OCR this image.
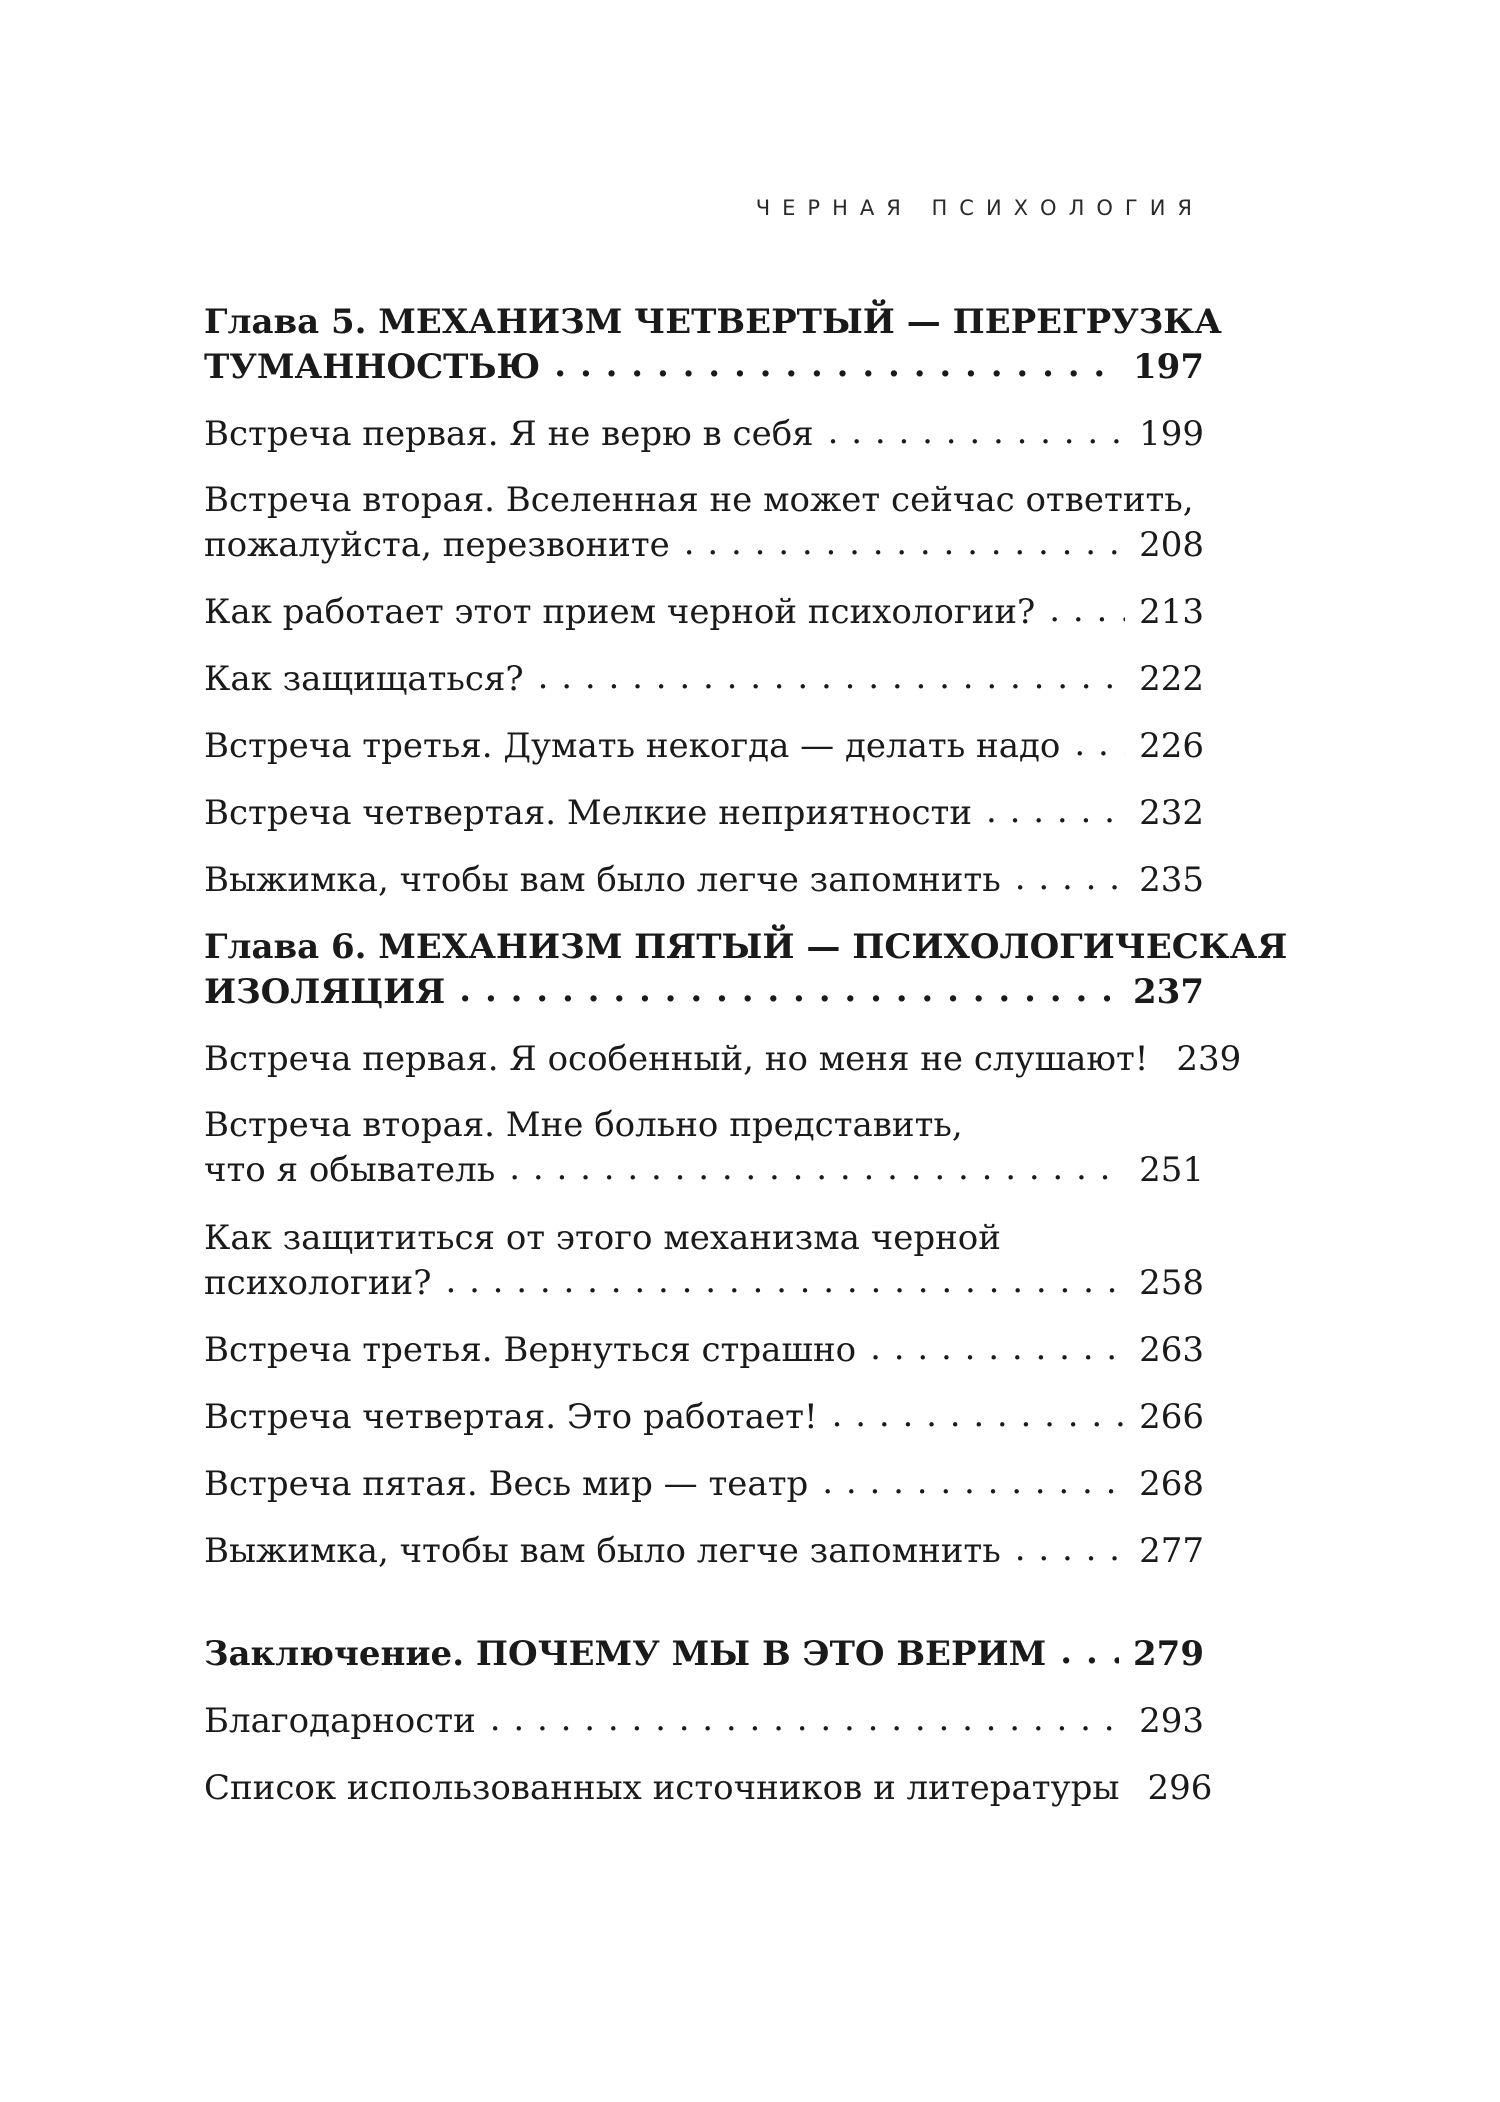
ЧЕРНАЯ ПСИХОЛОГИЯ
Глава 5. МЕХАНИЗМ ЧЕТВЕРТЫЙ — ПЕРЕГРУЗКА
ТУМАННОСТЬЮ . . .	197
Встреча первая. Я не верю в себя . . .	199
Встреча вторая. Вселенная не может сейчас ответить,
пожалуйста, перезвоните . . .	208
Как работает этот прием черной психологии? . . .	213
Как защищаться? . . .	222
Встреча третья. Думать некогда — делать надо . . . 226
Встреча четвертая. Мелкие неприятности . . .	232
Выжимка, чтобы вам было легче запомнить . . .	235
Глава 6. МЕХАНИЗМ ПЯТЫЙ — ПСИХОЛОГИЧЕСКАЯ
ИЗОЛЯЦИЯ . . .	237
Встреча первая. Я особенный, но меня не слушают! 239
Встреча вторая. Мне больно представить,
что я обыватель . . .	251
Как защититься от этого механизма черной
психологии? . . .	258
Встреча третья. Вернуться страшно . . .	263
Встреча четвертая. Это работает! . . .	266
Встреча пятая. Весь мир — театр . . .	268
Выжимка, чтобы вам было легче запомнить . . .	277
Заключение. ПОЧЕМУ МЫ В ЭТО ВЕРИМ . . .	279
Благодарности . . .	293
Список использованных источников и литературы 296
